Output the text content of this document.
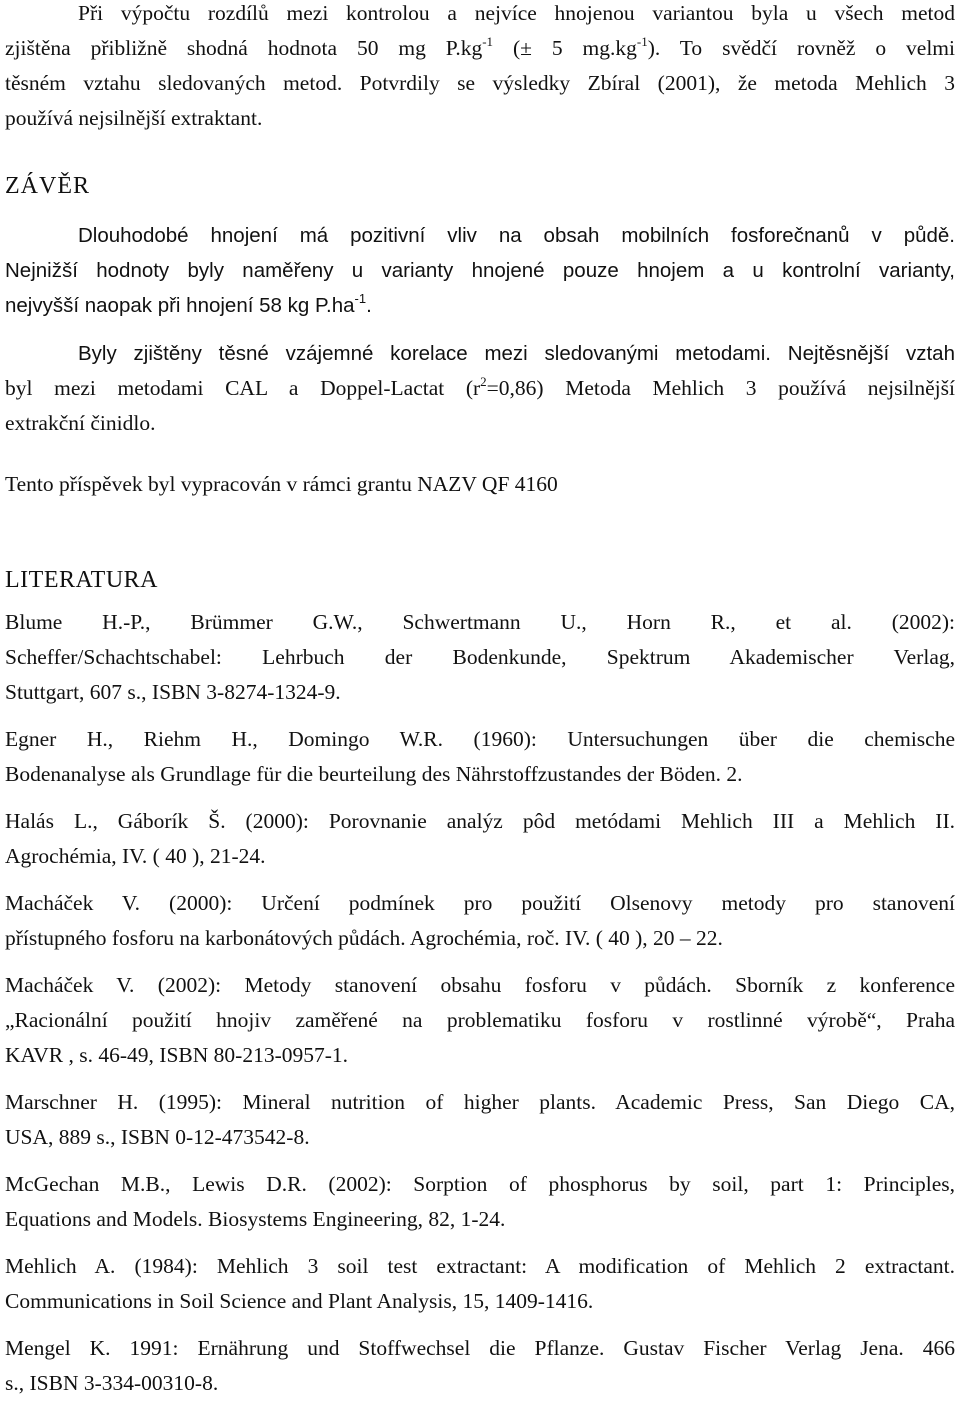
Při výpočtu rozdílů mezi kontrolou a nejvíce hnojenou variantou byla u všech metod

zjištěna přibližně shodná hodnota 50 mg $P.kg^{-1}$ (± 5 $mg.kg^{-1}$). To svědčí rovněž o velmi

těsném vztahu sledovaných metod. Potvrdily se výsledky Zbíral (2001), že metoda Mehlich 3

používá nejsilnější extraktant.

ZÁVĚR

Dlouhodobé hnojení má pozitivní vliv na obsah mobilních fosforečnanů v půdě.

Nejnižší hodnoty byly naměřeny u varianty hnojené pouze hnojem a u kontrolní varianty,

nejvyšší naopak při hnojení 58 kg $P.ha^{-1}$.

Byly zjištěny těsné vzájemné korelace mezi sledovanými metodami. Nejtěsnější vztah

byl mezi metodami CAL a Doppel-Lactat $(r^2=0,86)$ Metoda Mehlich 3 používá nejsilnější

extrakční činidlo.

Tento příspěvek byl vypracován v rámci grantu NAZV QF 4160

LITERATURA

Blume H.-P., Brümmer G.W., Schwertmann U., Horn R., et al. (2002):

Scheffer/Schachtschabel: Lehrbuch der Bodenkunde, Spektrum Akademischer Verlag,

Stuttgart, 607 s., ISBN 3-8274-1324-9.

Egner H., Riehm H., Domingo W.R. (1960): Untersuchungen über die chemische

Bodenanalyse als Grundlage für die beurteilung des Nährstoffzustandes der Böden. 2.

Halás L., Gáborík Š. (2000): Porovnanie analýz pôd metódami Mehlich III a Mehlich II.

Agrochémia, IV. ( 40 ), 21-24.

Macháček V. (2000): Určení podmínek pro použití Olsenovy metody pro stanovení

přístupného fosforu na karbonátových půdách. Agrochémia, roč. IV. ( 40 ), 20 – 22.

Macháček V. (2002): Metody stanovení obsahu fosforu v půdách. Sborník z konference

„Racionální použití hnojiv zaměřené na problematiku fosforu v rostlinné výrobě“, Praha

KAVR , s. 46-49, ISBN 80-213-0957-1.

Marschner H. (1995): Mineral nutrition of higher plants. Academic Press, San Diego CA,

USA, 889 s., ISBN 0-12-473542-8.

McGechan M.B., Lewis D.R. (2002): Sorption of phosphorus by soil, part 1: Principles,

Equations and Models. Biosystems Engineering, 82, 1-24.

Mehlich A. (1984): Mehlich 3 soil test extractant: A modification of Mehlich 2 extractant.

Communications in Soil Science and Plant Analysis, 15, 1409-1416.

Mengel K. 1991: Ernährung und Stoffwechsel die Pflanze. Gustav Fischer Verlag Jena. 466

s., ISBN 3-334-00310-8.
